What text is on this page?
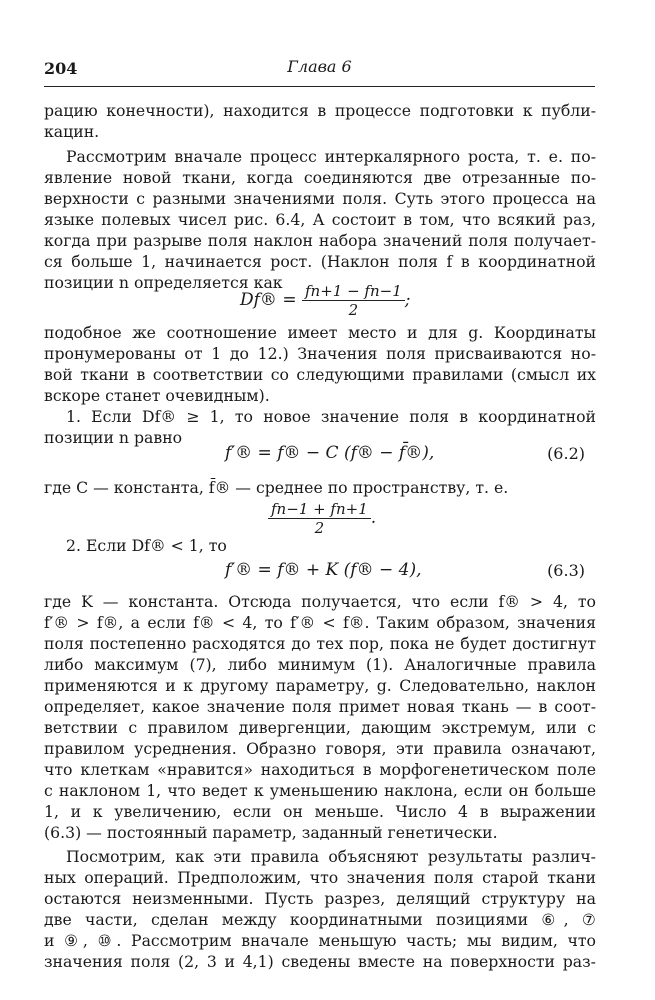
204	Глава 6
рацию конечности), находится в процессе подготовки к публи-
кацин.
Рассмотрим вначале процесс интеркалярного роста, т. е. по-
явление новой ткани, когда соединяются две отрезанные по-
верхности с разными значениями поля. Суть этого процесса на
языке полевых чисел рис. 6.4, А состоит в том, что всякий раз,
когда при разрыве поля наклон набора значений поля получает-
ся больше 1, начинается рост. (Наклон поля f в координатной
позиции n определяется как
Df® = $\frac{fn+1 - fn-1}{2}$ ;
подобное же соотношение имеет место и для g. Координаты
пронумерованы от 1 до 12.) Значения поля присваиваются но-
вой ткани в соответствии со следующими правилами (смысл их
вскоре станет очевидным).
1. Если Df® ≥ 1, то новое значение поля в координатной
позиции n равно
f′® = f® − C (f® − f̄®),	(6.2)
где C — константа, f̄® — среднее по пространству, т. е.
$\frac{fn-1 + fn+1}{2}$ .
2. Если Df® < 1, то
f′® = f® + K (f® − 4),	(6.3)
где K — константа. Отсюда получается, что если f® > 4, то
f′® > f®, а если f® < 4, то f′® < f®. Таким образом, значения
поля постепенно расходятся до тех пор, пока не будет достигнут
либо максимум (7), либо минимум (1). Аналогичные правила
применяются и к другому параметру, g. Следовательно, наклон
определяет, какое значение поля примет новая ткань — в соот-
ветствии с правилом дивергенции, дающим экстремум, или с
правилом усреднения. Образно говоря, эти правила означают,
что клеткам «нравится» находиться в морфогенетическом поле
с наклоном 1, что ведет к уменьшению наклона, если он больше
1, и к увеличению, если он меньше. Число 4 в выражении
(6.3) — постоянный параметр, заданный генетически.
Посмотрим, как эти правила объясняют результаты различ-
ных операций. Предположим, что значения поля старой ткани
остаются неизменными. Пусть разрез, делящий структуру на
две части, сделан между координатными позициями ⑥, ⑦
и ⑨, ⑩. Рассмотрим вначале меньшую часть; мы видим, что
значения поля (2, 3 и 4,1) сведены вместе на поверхности раз-
